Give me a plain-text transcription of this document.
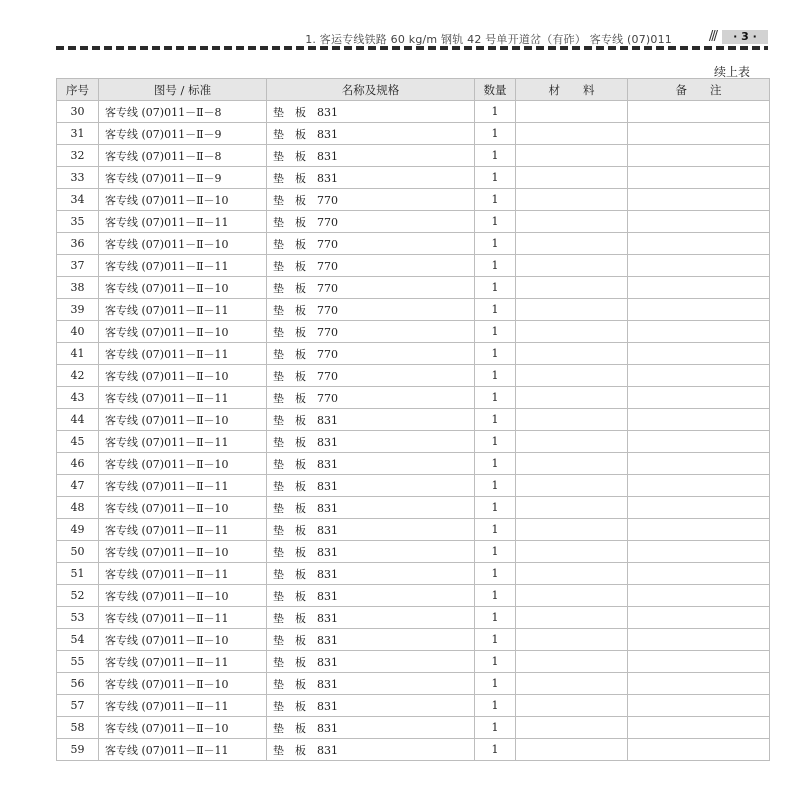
1. 客运专线铁路 60 kg/m 钢轨 42 号单开道岔（有砟） 客专线 (07)011	///	· 3 ·
续上表
序号	图号 / 标准	名称及规格	数量	材　　料	备　　注
30	客专线 (07)011－Ⅱ－8	垫　板　831	1		
31	客专线 (07)011－Ⅱ－9	垫　板　831	1		
32	客专线 (07)011－Ⅱ－8	垫　板　831	1		
33	客专线 (07)011－Ⅱ－9	垫　板　831	1		
34	客专线 (07)011－Ⅱ－10	垫　板　770	1		
35	客专线 (07)011－Ⅱ－11	垫　板　770	1		
36	客专线 (07)011－Ⅱ－10	垫　板　770	1		
37	客专线 (07)011－Ⅱ－11	垫　板　770	1		
38	客专线 (07)011－Ⅱ－10	垫　板　770	1		
39	客专线 (07)011－Ⅱ－11	垫　板　770	1		
40	客专线 (07)011－Ⅱ－10	垫　板　770	1		
41	客专线 (07)011－Ⅱ－11	垫　板　770	1		
42	客专线 (07)011－Ⅱ－10	垫　板　770	1		
43	客专线 (07)011－Ⅱ－11	垫　板　770	1		
44	客专线 (07)011－Ⅱ－10	垫　板　831	1		
45	客专线 (07)011－Ⅱ－11	垫　板　831	1		
46	客专线 (07)011－Ⅱ－10	垫　板　831	1		
47	客专线 (07)011－Ⅱ－11	垫　板　831	1		
48	客专线 (07)011－Ⅱ－10	垫　板　831	1		
49	客专线 (07)011－Ⅱ－11	垫　板　831	1		
50	客专线 (07)011－Ⅱ－10	垫　板　831	1		
51	客专线 (07)011－Ⅱ－11	垫　板　831	1		
52	客专线 (07)011－Ⅱ－10	垫　板　831	1		
53	客专线 (07)011－Ⅱ－11	垫　板　831	1		
54	客专线 (07)011－Ⅱ－10	垫　板　831	1		
55	客专线 (07)011－Ⅱ－11	垫　板　831	1		
56	客专线 (07)011－Ⅱ－10	垫　板　831	1		
57	客专线 (07)011－Ⅱ－11	垫　板　831	1		
58	客专线 (07)011－Ⅱ－10	垫　板　831	1		
59	客专线 (07)011－Ⅱ－11	垫　板　831	1		
